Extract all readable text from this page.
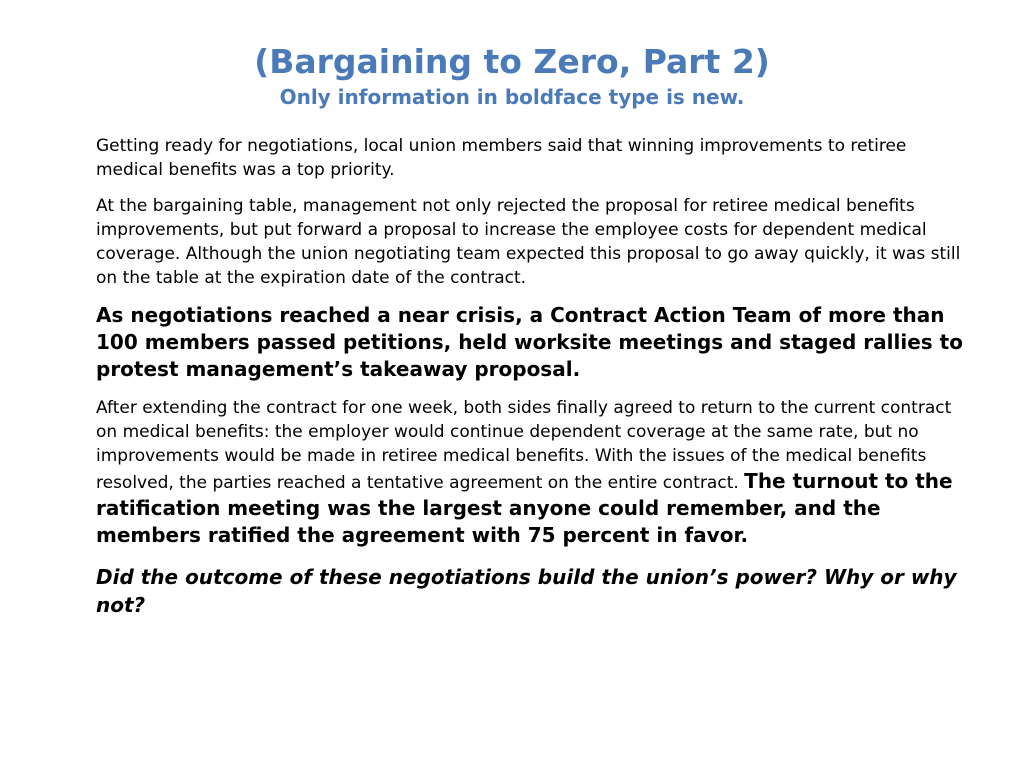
(Bargaining to Zero, Part 2)
Only information in boldface type is new.

Getting ready for negotiations, local union members said that winning improvements to retiree medical benefits was a top priority.

At the bargaining table, management not only rejected the proposal for retiree medical benefits improvements, but put forward a proposal to increase the employee costs for dependent medical coverage. Although the union negotiating team expected this proposal to go away quickly, it was still on the table at the expiration date of the contract.

As negotiations reached a near crisis, a Contract Action Team of more than 100 members passed petitions, held worksite meetings and staged rallies to protest management’s takeaway proposal.

After extending the contract for one week, both sides finally agreed to return to the current contract on medical benefits: the employer would continue dependent coverage at the same rate, but no improvements would be made in retiree medical benefits. With the issues of the medical benefits resolved, the parties reached a tentative agreement on the entire contract. The turnout to the ratification meeting was the largest anyone could remember, and the members ratified the agreement with 75 percent in favor.

Did the outcome of these negotiations build the union’s power? Why or why not?
